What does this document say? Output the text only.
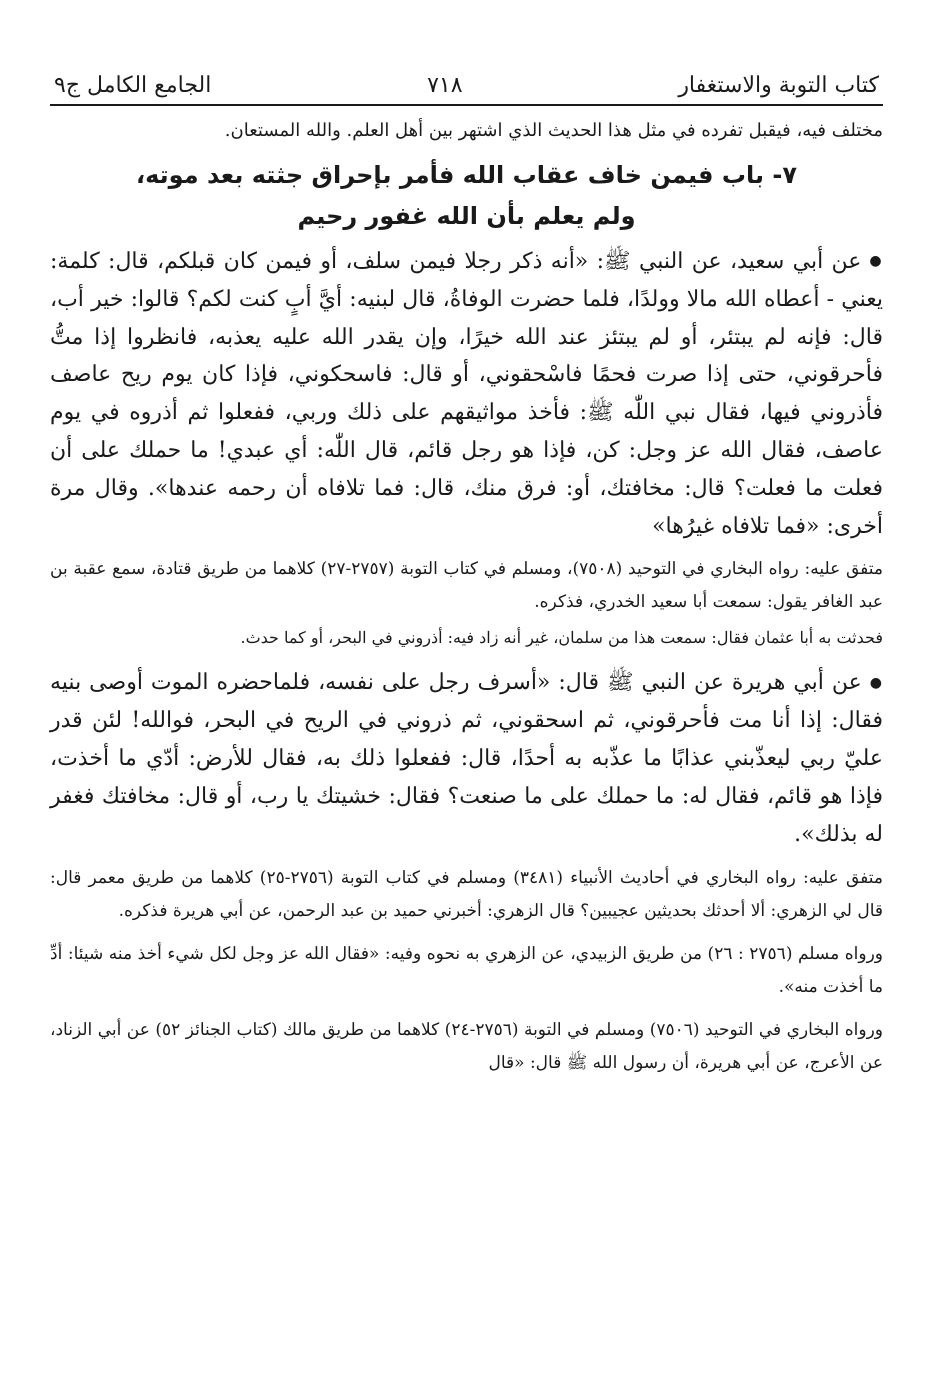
كتاب التوبة والاستغفار
٧١٨
الجامع الكامل ج٩

مختلف فيه، فيقبل تفرده في مثل هذا الحديث الذي اشتهر بين أهل العلم. والله المستعان.

٧- باب فيمن خاف عقاب الله فأمر بإحراق جثته بعد موته،
ولم يعلم بأن الله غفور رحيم

●عن أبي سعيد، عن النبي ﷺ: «أنه ذكر رجلا فيمن سلف، أو فيمن كان قبلكم، قال: كلمة: يعني - أعطاه الله مالا وولدًا، فلما حضرت الوفاةُ، قال لبنيه: أيَّ أبٍ كنت لكم؟ قالوا: خير أب، قال: فإنه لم يبتئر، أو لم يبتئز عند الله خيرًا، وإن يقدر الله عليه يعذبه، فانظروا إذا متُّ فأحرقوني، حتى إذا صرت فحمًا فاسْحقوني، أو قال: فاسحكوني، فإذا كان يوم ريح عاصف فأذروني فيها، فقال نبي اللّٰه ﷺ: فأخذ مواثيقهم على ذلك وربي، ففعلوا ثم أذروه في يوم عاصف، فقال الله عز وجل: كن، فإذا هو رجل قائم، قال اللّٰه: أي عبدي! ما حملك على أن فعلت ما فعلت؟ قال: مخافتك، أو: فرق منك، قال: فما تلافاه أن رحمه عندها». وقال مرة أخرى: «فما تلافاه غيرُها»

متفق عليه: رواه البخاري في التوحيد (٧٥٠٨)، ومسلم في كتاب التوبة (٢٧٥٧-٢٧) كلاهما من طريق قتادة، سمع عقبة بن عبد الغافر يقول: سمعت أبا سعيد الخدري، فذكره.

فحدثت به أبا عثمان فقال: سمعت هذا من سلمان، غير أنه زاد فيه: أذروني في البحر، أو كما حدث.

●عن أبي هريرة عن النبي ﷺ قال: «أسرف رجل على نفسه، فلماحضره الموت أوصى بنيه فقال: إذا أنا مت فأحرقوني، ثم اسحقوني، ثم ذروني في الريح في البحر، فوالله! لئن قدر عليّ ربي ليعذّبني عذابًا ما عذّبه به أحدًا، قال: ففعلوا ذلك به، فقال للأرض: أدّي ما أخذت، فإذا هو قائم، فقال له: ما حملك على ما صنعت؟ فقال: خشيتك يا رب، أو قال: مخافتك فغفر له بذلك».

متفق عليه: رواه البخاري في أحاديث الأنبياء (٣٤٨١) ومسلم في كتاب التوبة (٢٧٥٦-٢٥) كلاهما من طريق معمر قال: قال لي الزهري: ألا أحدثك بحديثين عجيبين؟ قال الزهري: أخبرني حميد بن عبد الرحمن، عن أبي هريرة فذكره.

ورواه مسلم (٢٧٥٦ : ٢٦) من طريق الزبيدي، عن الزهري به نحوه وفيه: «فقال الله عز وجل لكل شيء أخذ منه شيئا: أدِّ ما أخذت منه».

ورواه البخاري في التوحيد (٧٥٠٦) ومسلم في التوبة (٢٧٥٦-٢٤) كلاهما من طريق مالك (كتاب الجنائز ٥٢) عن أبي الزناد، عن الأعرج، عن أبي هريرة، أن رسول الله ﷺ قال: «قال
